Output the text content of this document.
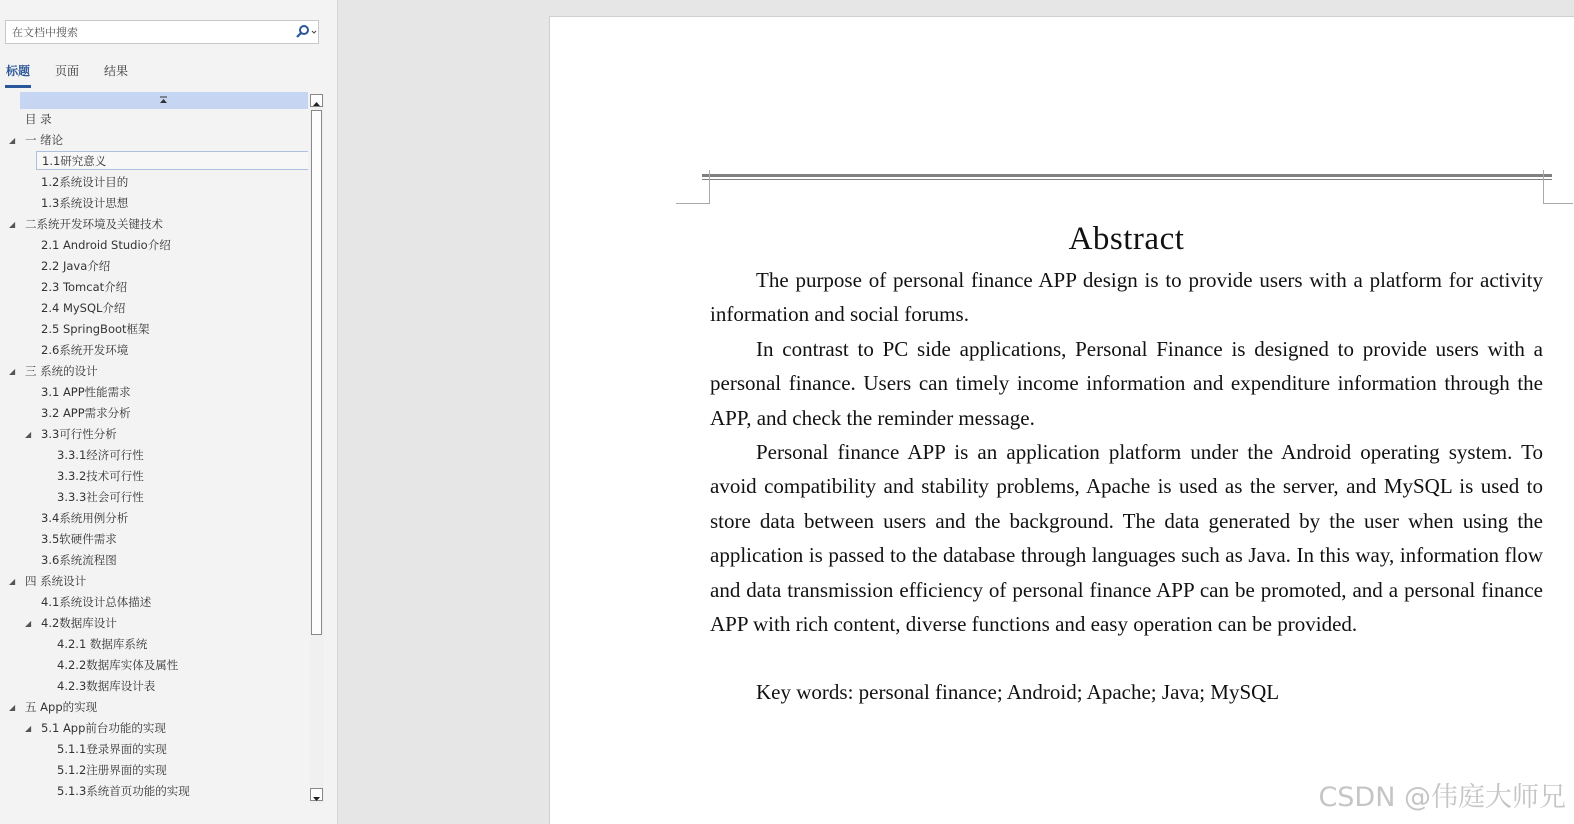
在文档中搜索
标题 页面 结果
目 录
◢ 一 绪论
1.1研究意义
1.2系统设计目的
1.3系统设计思想
◢ 二系统开发环境及关键技术
2.1 Android Studio介绍
2.2 Java介绍
2.3 Tomcat介绍
2.4 MySQL介绍
2.5 SpringBoot框架
2.6系统开发环境
◢ 三 系统的设计
3.1 APP性能需求
3.2 APP需求分析
◢ 3.3可行性分析
3.3.1经济可行性
3.3.2技术可行性
3.3.3社会可行性
3.4系统用例分析
3.5软硬件需求
3.6系统流程图
◢ 四 系统设计
4.1系统设计总体描述
◢ 4.2数据库设计
4.2.1 数据库系统
4.2.2数据库实体及属性
4.2.3数据库设计表
◢ 五 App的实现
◢ 5.1 App前台功能的实现
5.1.1登录界面的实现
5.1.2注册界面的实现
5.1.3系统首页功能的实现
Abstract

The purpose of personal finance APP design is to provide users with a platform for activity information and social forums.

In contrast to PC side applications, Personal Finance is designed to provide users with a personal finance. Users can timely income information and expenditure information through the APP, and check the reminder message.

Personal finance APP is an application platform under the Android operating system. To avoid compatibility and stability problems, Apache is used as the server, and MySQL is used to store data between users and the background. The data generated by the user when using the application is passed to the database through languages such as Java. In this way, information flow and data transmission efficiency of personal finance APP can be promoted, and a personal finance APP with rich content, diverse functions and easy operation can be provided.

Key words: personal finance; Android; Apache; Java; MySQL

CSDN @伟庭大师兄
